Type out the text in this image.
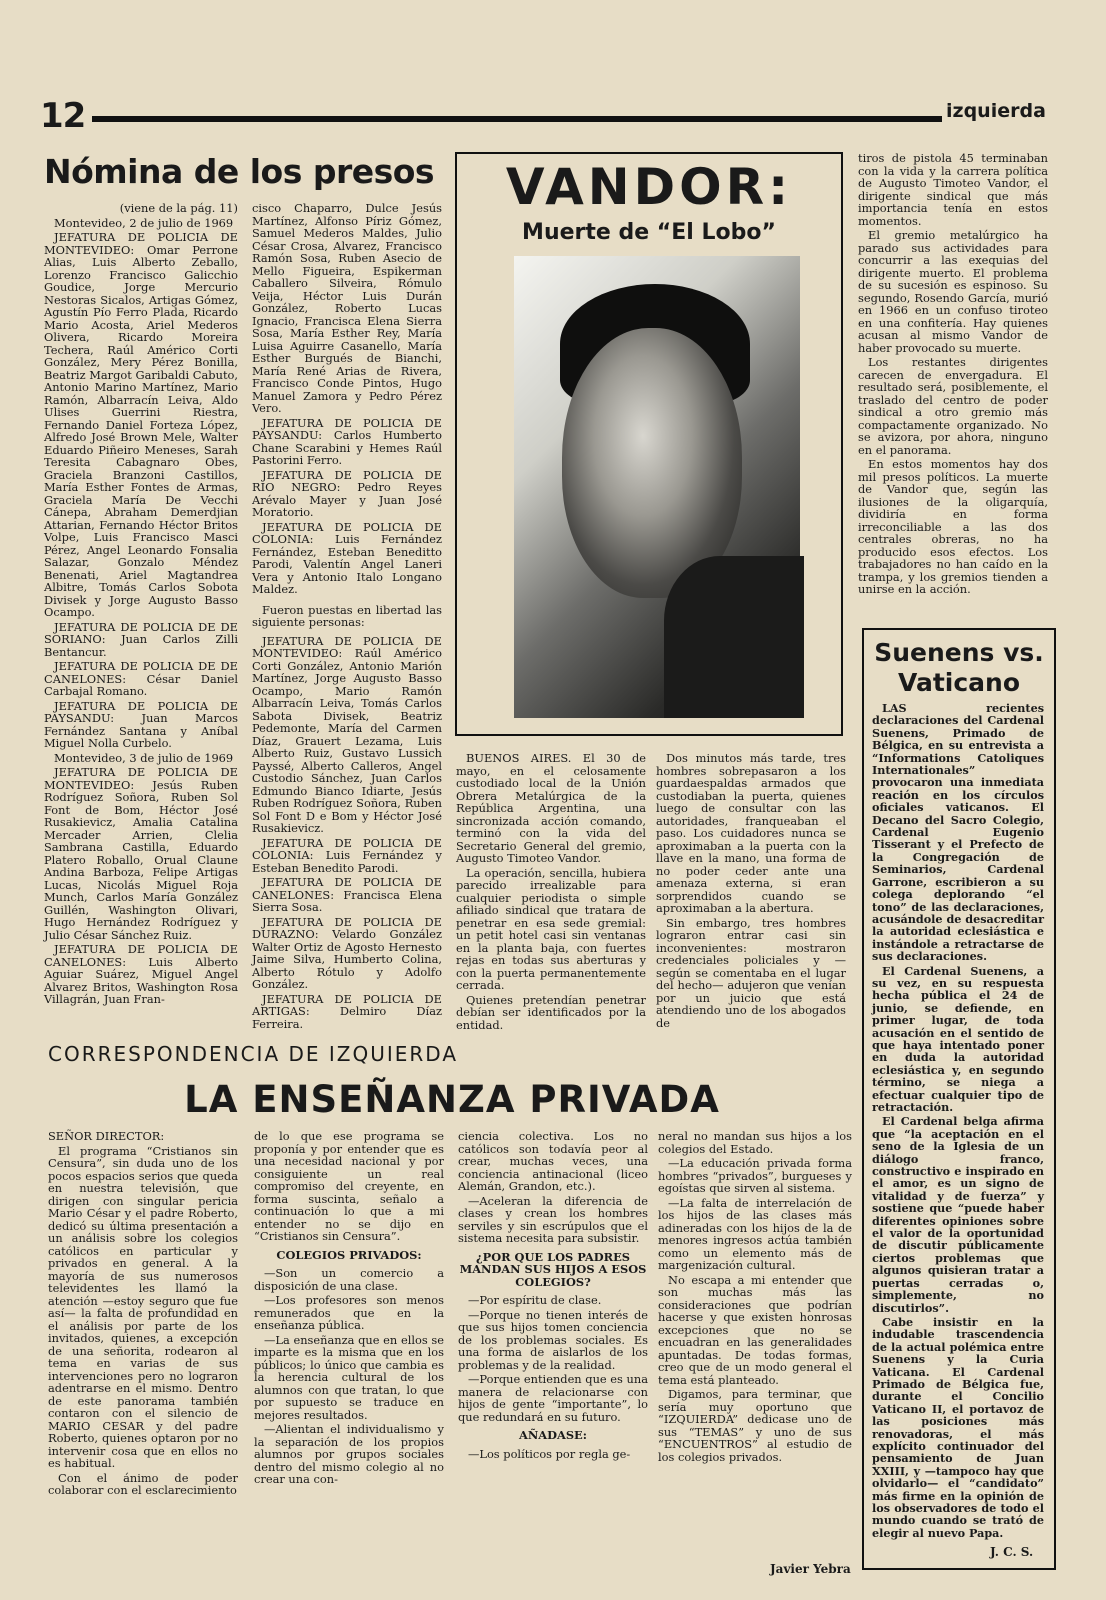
12	izquierda
Nómina de los presos

(viene de la pág. 11)

Montevideo, 2 de julio de 1969

JEFATURA DE POLICIA DE MONTEVIDEO: Omar Perrone Alias, Luis Alberto Zeballo, Lorenzo Francisco Galicchio Goudice, Jorge Mercurio Nestoras Sicalos, Artigas Gómez, Agustín Pío Ferro Plada, Ricardo Mario Acosta, Ariel Mederos Olivera, Ricardo Moreira Techera, Raúl Américo Corti González, Mery Pérez Bonilla, Beatriz Margot Garibaldi Cabuto, Antonio Marino Martínez, Mario Ramón, Albarracín Leiva, Aldo Ulises Guerrini Riestra, Fernando Daniel Forteza López, Alfredo José Brown Mele, Walter Eduardo Piñeiro Meneses, Sarah Teresita Cabagnaro Obes, Graciela Branzoni Castillos, María Esther Fontes de Armas, Graciela María De Vecchi Cánepa, Abraham Demerdjian Attarian, Fernando Héctor Britos Volpe, Luis Francisco Masci Pérez, Angel Leonardo Fonsalia Salazar, Gonzalo Méndez Benenati, Ariel Magtandrea Albitre, Tomás Carlos Sobota Divisek y Jorge Augusto Basso Ocampo.

JEFATURA DE POLICIA DE DE SORIANO: Juan Carlos Zilli Bentancur.

JEFATURA DE POLICIA DE DE CANELONES: César Daniel Carbajal Romano.

JEFATURA DE POLICIA DE PAYSANDU: Juan Marcos Fernández Santana y Aníbal Miguel Nolla Curbelo.

Montevideo, 3 de julio de 1969

JEFATURA DE POLICIA DE MONTEVIDEO: Jesús Ruben Rodríguez Soñora, Ruben Sol Font de Bom, Héctor José Rusakievicz, Amalia Catalina Mercader Arrien, Clelia Sambrana Castilla, Eduardo Platero Roballo, Orual Claune Andina Barboza, Felipe Artigas Lucas, Nicolás Miguel Roja Munch, Carlos María González Guillén, Washington Olivari, Hugo Hernández Rodríguez y Julio César Sánchez Ruiz.

JEFATURA DE POLICIA DE CANELONES: Luis Alberto Aguiar Suárez, Miguel Angel Alvarez Britos, Washington Rosa Villagrán, Juan Fran-

cisco Chaparro, Dulce Jesús Martínez, Alfonso Píriz Gómez, Samuel Mederos Maldes, Julio César Crosa, Alvarez, Francisco Ramón Sosa, Ruben Asecio de Mello Figueira, Espikerman Caballero Silveira, Rómulo Veija, Héctor Luis Durán González, Roberto Lucas Ignacio, Francisca Elena Sierra Sosa, María Esther Rey, María Luisa Aguirre Casanello, María Esther Burgués de Bianchi, María René Arias de Rivera, Francisco Conde Pintos, Hugo Manuel Zamora y Pedro Pérez Vero.

JEFATURA DE POLICIA DE PAYSANDU: Carlos Humberto Chane Scarabini y Hemes Raúl Pastorini Ferro.

JEFATURA DE POLICIA DE RIO NEGRO: Pedro Reyes Arévalo Mayer y Juan José Moratorio.

JEFATURA DE POLICIA DE COLONIA: Luis Fernández Fernández, Esteban Beneditto Parodi, Valentín Angel Laneri Vera y Antonio Italo Longano Maldez.

Fueron puestas en libertad las siguiente personas:

JEFATURA DE POLICIA DE MONTEVIDEO: Raúl Américo Corti González, Antonio Marión Martínez, Jorge Augusto Basso Ocampo, Mario Ramón Albarracín Leiva, Tomás Carlos Sabota Divisek, Beatriz Pedemonte, María del Carmen Díaz, Grauert Lezama, Luis Alberto Ruiz, Gustavo Lussich Payssé, Alberto Calleros, Angel Custodio Sánchez, Juan Carlos Edmundo Bianco Idiarte, Jesús Ruben Rodríguez Soñora, Ruben Sol Font D e Bom y Héctor José Rusakievicz.

JEFATURA DE POLICIA DE COLONIA: Luis Fernández y Esteban Benedito Parodi.

JEFATURA DE POLICIA DE CANELONES: Francisca Elena Sierra Sosa.

JEFATURA DE POLICIA DE DURAZNO: Velardo González Walter Ortiz de Agosto Hernesto Jaime Silva, Humberto Colina, Alberto Rótulo y Adolfo González.

JEFATURA DE POLICIA DE ARTIGAS: Delmiro Díaz Ferreira.

VANDOR:
Muerte de “El Lobo”

BUENOS AIRES. El 30 de mayo, en el celosamente custodiado local de la Unión Obrera Metalúrgica de la República Argentina, una sincronizada acción comando, terminó con la vida del Secretario General del gremio, Augusto Timoteo Vandor.

La operación, sencilla, hubiera parecido irrealizable para cualquier periodista o simple afiliado sindical que tratara de penetrar en esa sede gremial: un petit hotel casi sin ventanas en la planta baja, con fuertes rejas en todas sus aberturas y con la puerta permanentemente cerrada.

Quienes pretendían penetrar debían ser identificados por la entidad.

Dos minutos más tarde, tres hombres sobrepasaron a los guardaespaldas armados que custodiaban la puerta, quienes luego de consultar con las autoridades, franqueaban el paso. Los cuidadores nunca se aproximaban a la puerta con la llave en la mano, una forma de no poder ceder ante una amenaza externa, si eran sorprendidos cuando se aproximaban a la abertura.

Sin embargo, tres hombres lograron entrar casi sin inconvenientes: mostraron credenciales policiales y —según se comentaba en el lugar del hecho— adujeron que venían por un juicio que está atendiendo uno de los abogados de

tiros de pistola 45 terminaban con la vida y la carrera política de Augusto Timoteo Vandor, el dirigente sindical que más importancia tenía en estos momentos.

El gremio metalúrgico ha parado sus actividades para concurrir a las exequias del dirigente muerto. El problema de su sucesión es espinoso. Su segundo, Rosendo García, murió en 1966 en un confuso tiroteo en una confitería. Hay quienes acusan al mismo Vandor de haber provocado su muerte.

Los restantes dirigentes carecen de envergadura. El resultado será, posiblemente, el traslado del centro de poder sindical a otro gremio más compactamente organizado. No se avizora, por ahora, ninguno en el panorama.

En estos momentos hay dos mil presos políticos. La muerte de Vandor que, según las ilusiones de la oligarquía, dividiría en forma irreconciliable a las dos centrales obreras, no ha producido esos efectos. Los trabajadores no han caído en la trampa, y los gremios tienden a unirse en la acción.

Suenens vs.
Vaticano

LAS recientes declaraciones del Cardenal Suenens, Primado de Bélgica, en su entrevista a “Informations Catoliques Internationales” provocaron una inmediata reación en los círculos oficiales vaticanos. El Decano del Sacro Colegio, Cardenal Eugenio Tisserant y el Prefecto de la Congregación de Seminarios, Cardenal Garrone, escribieron a su colega deplorando “el tono” de las declaraciones, acusándole de desacreditar la autoridad eclesiástica e instándole a retractarse de sus declaraciones.

El Cardenal Suenens, a su vez, en su respuesta hecha pública el 24 de junio, se defiende, en primer lugar, de toda acusación en el sentido de que haya intentado poner en duda la autoridad eclesiástica y, en segundo término, se niega a efectuar cualquier tipo de retractación.

El Cardenal belga afirma que “la aceptación en el seno de la Iglesia de un diálogo franco, constructivo e inspirado en el amor, es un signo de vitalidad y de fuerza” y sostiene que “puede haber diferentes opiniones sobre el valor de la oportunidad de discutir públicamente ciertos problemas que algunos quisieran tratar a puertas cerradas o, simplemente, no discutirlos”.

Cabe insistir en la indudable trascendencia de la actual polémica entre Suenens y la Curia Vaticana. El Cardenal Primado de Bélgica fue, durante el Concilio Vaticano II, el portavoz de las posiciones más renovadoras, el más explícito continuador del pensamiento de Juan XXIII, y —tampoco hay que olvidarlo— el “candidato” más firme en la opinión de los observadores de todo el mundo cuando se trató de elegir al nuevo Papa.

J. C. S.
CORRESPONDENCIA DE IZQUIERDA
LA ENSEÑANZA PRIVADA

SEÑOR DIRECTOR:

El programa “Cristianos sin Censura”, sin duda uno de los pocos espacios serios que queda en nuestra televisión, que dirigen con singular pericia Mario César y el padre Roberto, dedicó su última presentación a un análisis sobre los colegios católicos en particular y privados en general. A la mayoría de sus numerosos televidentes les llamó la atención —estoy seguro que fue así— la falta de profundidad en el análisis por parte de los invitados, quienes, a excepción de una señorita, rodearon al tema en varias de sus intervenciones pero no lograron adentrarse en el mismo. Dentro de este panorama también contaron con el silencio de MARIO CESAR y del padre Roberto, quienes optaron por no intervenir cosa que en ellos no es habitual.

Con el ánimo de poder colaborar con el esclarecimiento

de lo que ese programa se proponía y por entender que es una necesidad nacional y por consiguiente un real compromiso del creyente, en forma suscinta, señalo a continuación lo que a mi entender no se dijo en “Cristianos sin Censura”.

COLEGIOS PRIVADOS:

—Son un comercio a disposición de una clase.

—Los profesores son menos remunerados que en la enseñanza pública.

—La enseñanza que en ellos se imparte es la misma que en los públicos; lo único que cambia es la herencia cultural de los alumnos con que tratan, lo que por supuesto se traduce en mejores resultados.

—Alientan el individualismo y la separación de los propios alumnos por grupos sociales dentro del mismo colegio al no crear una con-

ciencia colectiva. Los no católicos son todavía peor al crear, muchas veces, una conciencia antinacional (liceo Alemán, Grandon, etc.).

—Aceleran la diferencia de clases y crean los hombres serviles y sin escrúpulos que el sistema necesita para subsistir.

¿POR QUE LOS PADRES MANDAN SUS HIJOS A ESOS COLEGIOS?

—Por espíritu de clase.

—Porque no tienen interés de que sus hijos tomen conciencia de los problemas sociales. Es una forma de aislarlos de los problemas y de la realidad.

—Porque entienden que es una manera de relacionarse con hijos de gente “importante”, lo que redundará en su futuro.

AÑADASE:

—Los políticos por regla ge-

neral no mandan sus hijos a los colegios del Estado.

—La educación privada forma hombres “privados”, burgueses y egoístas que sirven al sistema.

—La falta de interrelación de los hijos de las clases más adineradas con los hijos de la de menores ingresos actúa también como un elemento más de margenización cultural.

No escapa a mi entender que son muchas más las consideraciones que podrían hacerse y que existen honrosas excepciones que no se encuadran en las generalidades apuntadas. De todas formas, creo que de un modo general el tema está planteado.

Digamos, para terminar, que sería muy oportuno que “IZQUIERDA” dedicase uno de sus “TEMAS” y uno de sus “ENCUENTROS” al estudio de los colegios privados.

Javier Yebra
